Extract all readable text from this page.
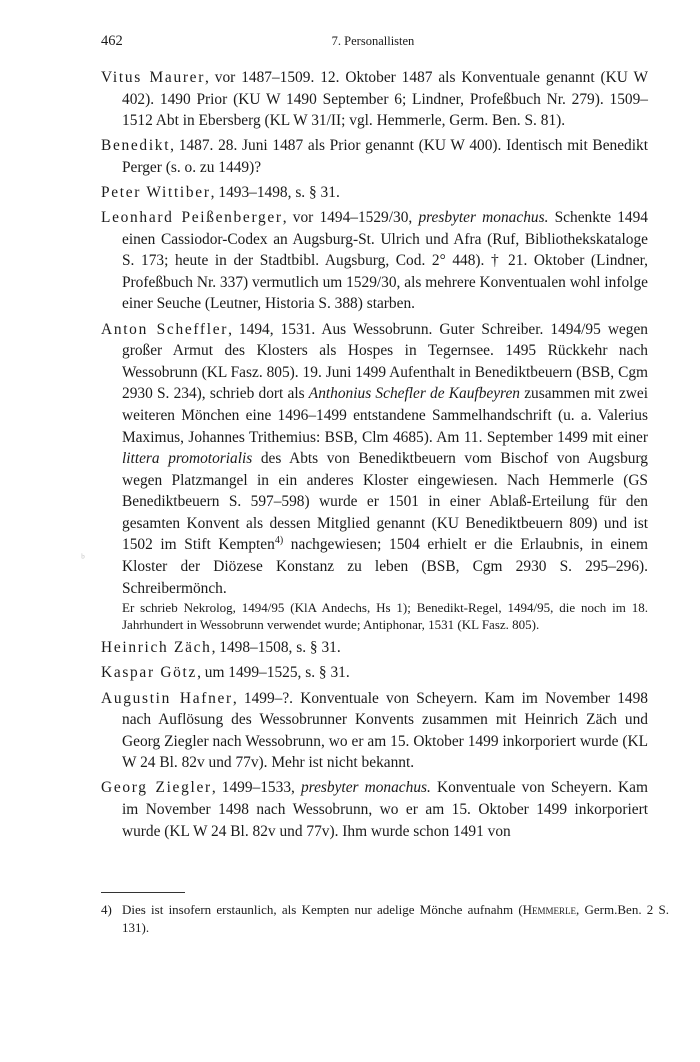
462	7. Personallisten
Vitus Maurer, vor 1487–1509. 12. Oktober 1487 als Konventuale genannt (KU W 402). 1490 Prior (KU W 1490 September 6; Lindner, Profeßbuch Nr. 279). 1509–1512 Abt in Ebersberg (KL W 31/II; vgl. Hemmerle, Germ. Ben. S. 81).
Benedikt, 1487. 28. Juni 1487 als Prior genannt (KU W 400). Identisch mit Benedikt Perger (s. o. zu 1449)?
Peter Wittiber, 1493–1498, s. § 31.
Leonhard Peißenberger, vor 1494–1529/30, presbyter monachus. Schenkte 1494 einen Cassiodor-Codex an Augsburg-St. Ulrich und Afra (Ruf, Bibliothekskataloge S. 173; heute in der Stadtbibl. Augsburg, Cod. 2° 448). † 21. Oktober (Lindner, Profeßbuch Nr. 337) vermutlich um 1529/30, als mehrere Konventualen wohl infolge einer Seuche (Leutner, Historia S. 388) starben.
Anton Scheffler, 1494, 1531. Aus Wessobrunn. Guter Schreiber. 1494/95 wegen großer Armut des Klosters als Hospes in Tegernsee. 1495 Rückkehr nach Wessobrunn (KL Fasz. 805). 19. Juni 1499 Aufenthalt in Benediktbeuern (BSB, Cgm 2930 S. 234), schrieb dort als Anthonius Schefler de Kaufbeyren zusammen mit zwei weiteren Mönchen eine 1496–1499 entstandene Sammelhandschrift (u. a. Valerius Maximus, Johannes Trithemius: BSB, Clm 4685). Am 11. September 1499 mit einer littera promotorialis des Abts von Benediktbeuern vom Bischof von Augsburg wegen Platzmangel in ein anderes Kloster eingewiesen. Nach Hemmerle (GS Benediktbeuern S. 597–598) wurde er 1501 in einer Ablaß-Erteilung für den gesamten Konvent als dessen Mitglied genannt (KU Benediktbeuern 809) und ist 1502 im Stift Kempten$^{4)}$ nachgewiesen; 1504 erhielt er die Erlaubnis, in einem Kloster der Diözese Konstanz zu leben (BSB, Cgm 2930 S. 295–296). Schreibermönch.
Er schrieb Nekrolog, 1494/95 (KlA Andechs, Hs 1); Benedikt-Regel, 1494/95, die noch im 18. Jahrhundert in Wessobrunn verwendet wurde; Antiphonar, 1531 (KL Fasz. 805).
Heinrich Zäch, 1498–1508, s. § 31.
Kaspar Götz, um 1499–1525, s. § 31.
Augustin Hafner, 1499–?. Konventuale von Scheyern. Kam im November 1498 nach Auflösung des Wessobrunner Konvents zusammen mit Heinrich Zäch und Georg Ziegler nach Wessobrunn, wo er am 15. Oktober 1499 inkorporiert wurde (KL W 24 Bl. 82v und 77v). Mehr ist nicht bekannt.
Georg Ziegler, 1499–1533, presbyter monachus. Konventuale von Scheyern. Kam im November 1498 nach Wessobrunn, wo er am 15. Oktober 1499 inkorporiert wurde (KL W 24 Bl. 82v und 77v). Ihm wurde schon 1491 von
ᵇ
4) Dies ist insofern erstaunlich, als Kempten nur adelige Mönche aufnahm (Hemmerle, Germ.Ben. 2 S. 131).
